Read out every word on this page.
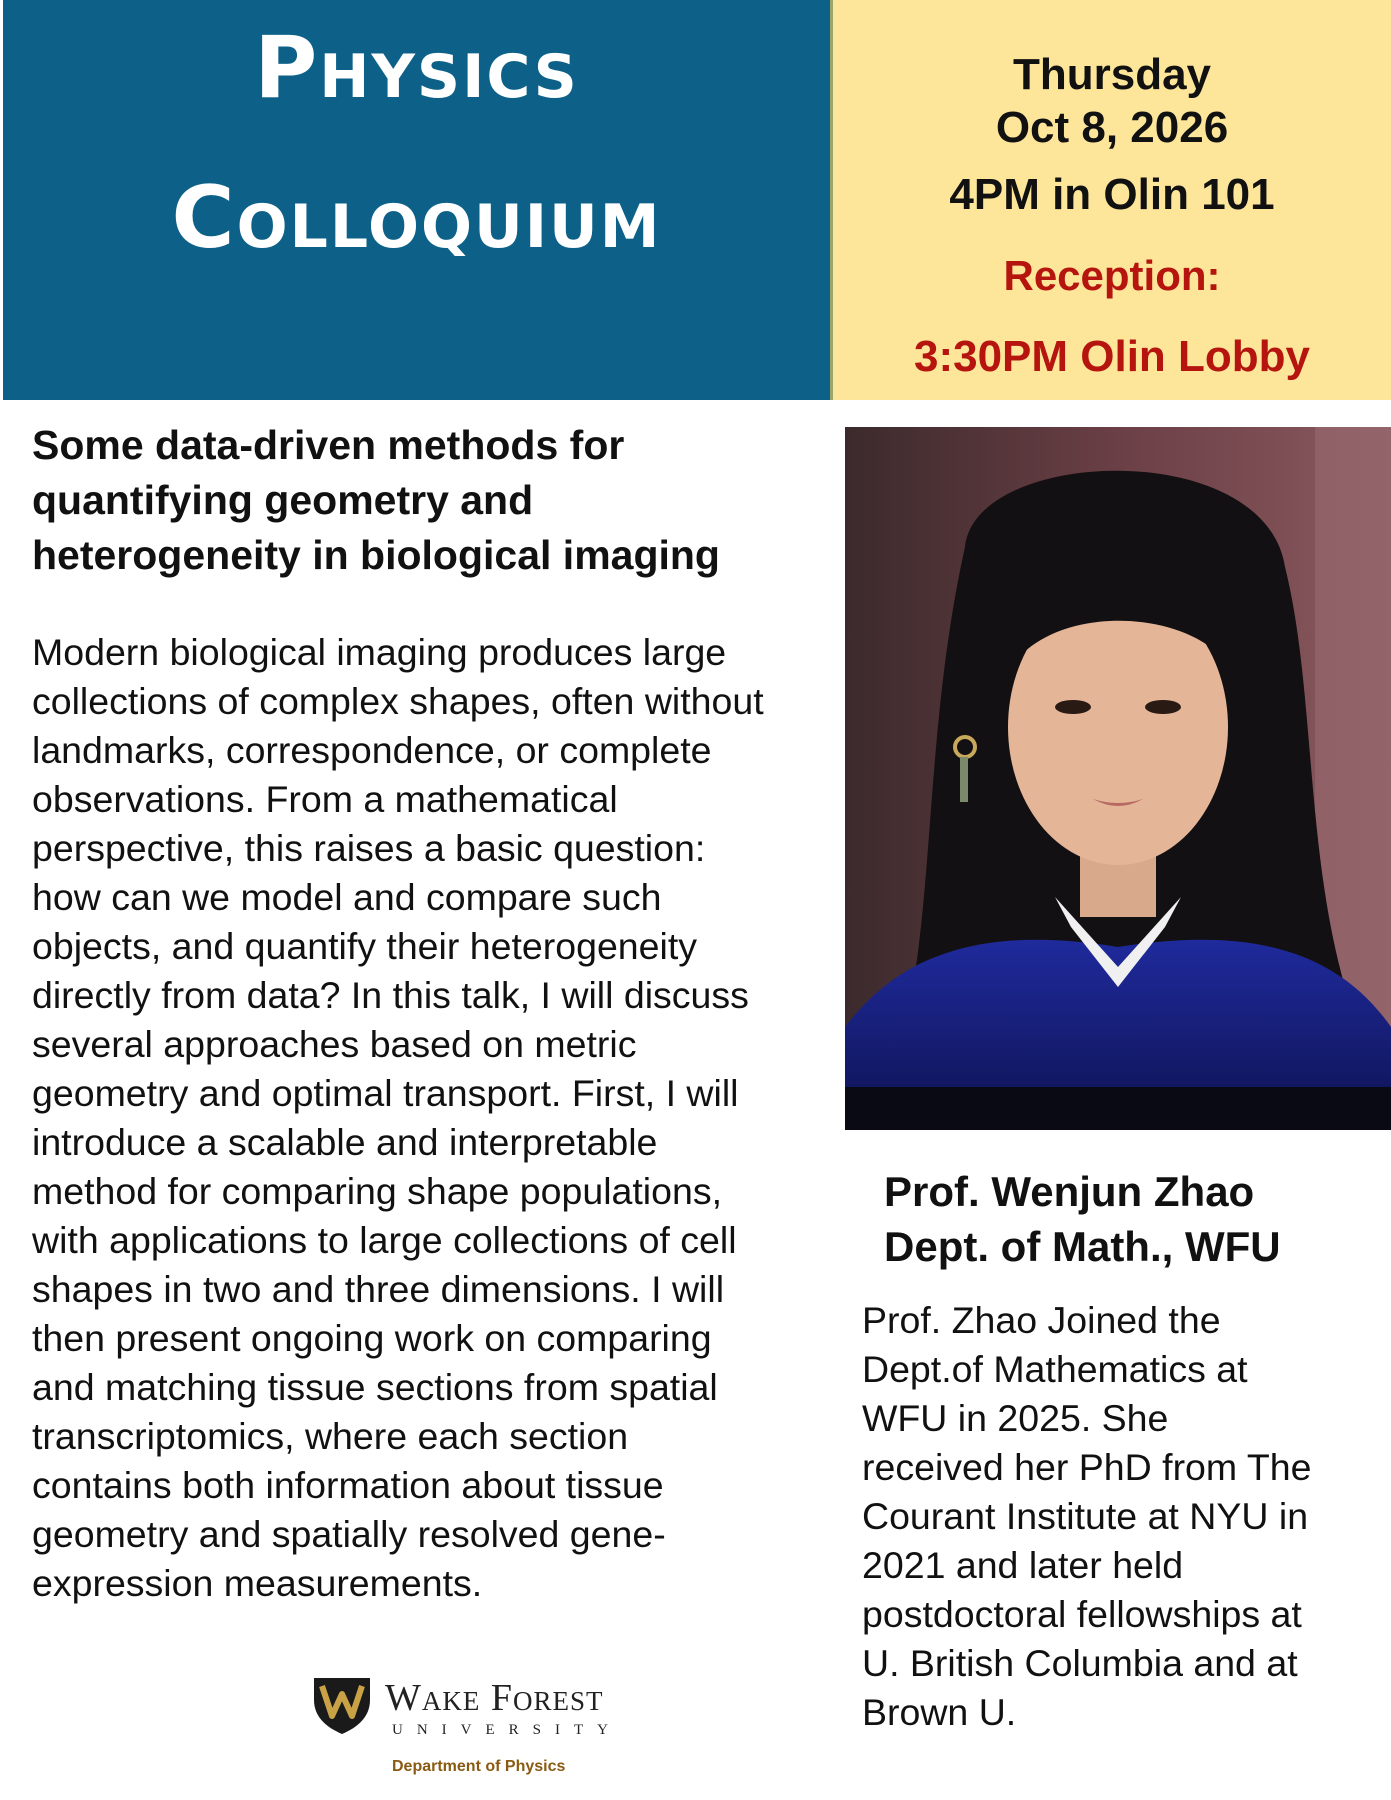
Physics
Colloquium
Thursday
Oct 8, 2026
4PM in Olin 101
Reception:
3:30PM Olin Lobby
Some data-driven methods for
quantifying geometry and
heterogeneity in biological imaging
Modern biological imaging produces large
collections of complex shapes, often without
landmarks, correspondence, or complete
observations. From a mathematical
perspective, this raises a basic question:
how can we model and compare such
objects, and quantify their heterogeneity
directly from data? In this talk, I will discuss
several approaches based on metric
geometry and optimal transport. First, I will
introduce a scalable and interpretable
method for comparing shape populations,
with applications to large collections of cell
shapes in two and three dimensions. I will
then present ongoing work on comparing
and matching tissue sections from spatial
transcriptomics, where each section
contains both information about tissue
geometry and spatially resolved gene-
expression measurements.
Prof. Wenjun Zhao
Dept. of Math., WFU
Prof. Zhao Joined the
Dept.of Mathematics at
WFU in 2025. She
received her PhD from The
Courant Institute at NYU in
2021 and later held
postdoctoral fellowships at
U. British Columbia and at
Brown U.
Wake Forest
UNIVERSITY
Department of Physics
